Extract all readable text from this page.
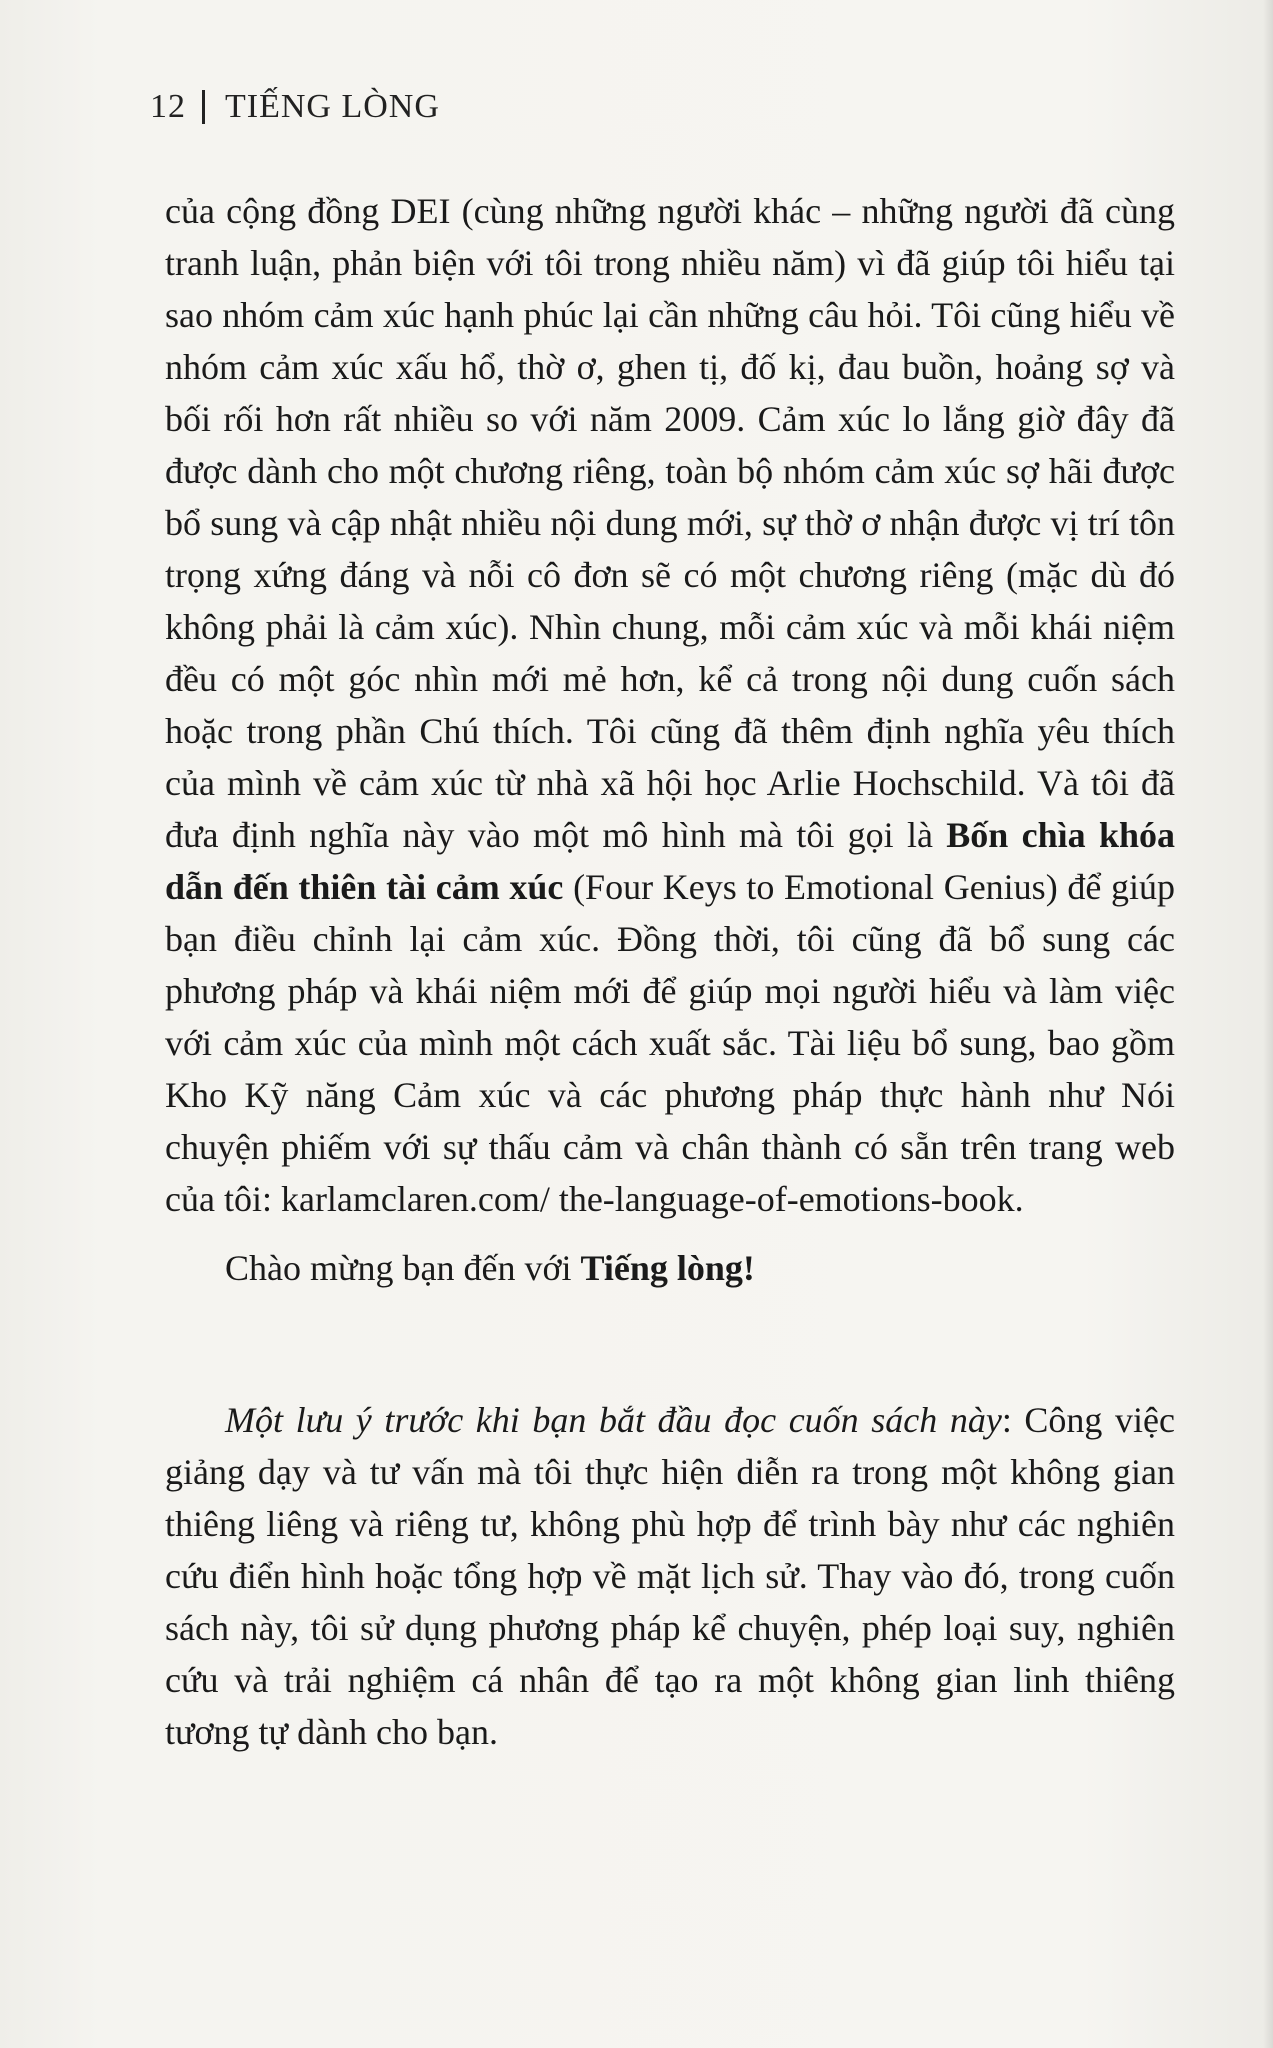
12 TIẾNG LÒNG

của cộng đồng DEI (cùng những người khác – những người đã cùng tranh luận, phản biện với tôi trong nhiều năm) vì đã giúp tôi hiểu tại sao nhóm cảm xúc hạnh phúc lại cần những câu hỏi. Tôi cũng hiểu về nhóm cảm xúc xấu hổ, thờ ơ, ghen tị, đố kị, đau buồn, hoảng sợ và bối rối hơn rất nhiều so với năm 2009. Cảm xúc lo lắng giờ đây đã được dành cho một chương riêng, toàn bộ nhóm cảm xúc sợ hãi được bổ sung và cập nhật nhiều nội dung mới, sự thờ ơ nhận được vị trí tôn trọng xứng đáng và nỗi cô đơn sẽ có một chương riêng (mặc dù đó không phải là cảm xúc). Nhìn chung, mỗi cảm xúc và mỗi khái niệm đều có một góc nhìn mới mẻ hơn, kể cả trong nội dung cuốn sách hoặc trong phần Chú thích. Tôi cũng đã thêm định nghĩa yêu thích của mình về cảm xúc từ nhà xã hội học Arlie Hochschild. Và tôi đã đưa định nghĩa này vào một mô hình mà tôi gọi là Bốn chìa khóa dẫn đến thiên tài cảm xúc (Four Keys to Emotional Genius) để giúp bạn điều chỉnh lại cảm xúc. Đồng thời, tôi cũng đã bổ sung các phương pháp và khái niệm mới để giúp mọi người hiểu và làm việc với cảm xúc của mình một cách xuất sắc. Tài liệu bổ sung, bao gồm Kho Kỹ năng Cảm xúc và các phương pháp thực hành như Nói chuyện phiếm với sự thấu cảm và chân thành có sẵn trên trang web của tôi: karlamclaren.com/ the-language-of-emotions-book.

Chào mừng bạn đến với Tiếng lòng!

Một lưu ý trước khi bạn bắt đầu đọc cuốn sách này: Công việc giảng dạy và tư vấn mà tôi thực hiện diễn ra trong một không gian thiêng liêng và riêng tư, không phù hợp để trình bày như các nghiên cứu điển hình hoặc tổng hợp về mặt lịch sử. Thay vào đó, trong cuốn sách này, tôi sử dụng phương pháp kể chuyện, phép loại suy, nghiên cứu và trải nghiệm cá nhân để tạo ra một không gian linh thiêng tương tự dành cho bạn.
